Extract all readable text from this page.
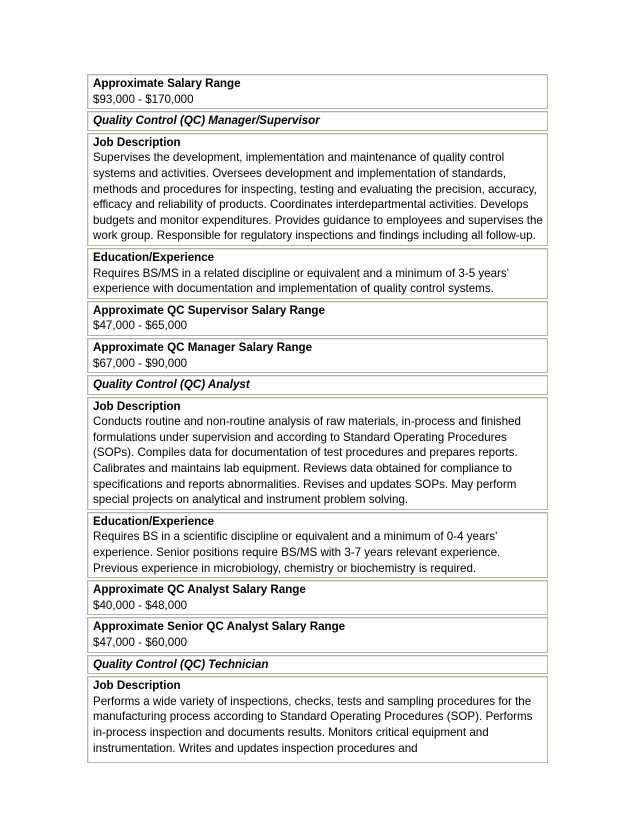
Approximate Salary Range
$93,000 - $170,000
Quality Control (QC) Manager/Supervisor
Job Description
Supervises the development, implementation and maintenance of quality control systems and activities. Oversees development and implementation of standards, methods and procedures for inspecting, testing and evaluating the precision, accuracy, efficacy and reliability of products. Coordinates interdepartmental activities. Develops budgets and monitor expenditures. Provides guidance to employees and supervises the work group. Responsible for regulatory inspections and findings including all follow-up.
Education/Experience
Requires BS/MS in a related discipline or equivalent and a minimum of 3-5 years' experience with documentation and implementation of quality control systems.
Approximate QC Supervisor Salary Range
$47,000 - $65,000
Approximate QC Manager Salary Range
$67,000 - $90,000
Quality Control (QC) Analyst
Job Description
Conducts routine and non-routine analysis of raw materials, in-process and finished formulations under supervision and according to Standard Operating Procedures (SOPs). Compiles data for documentation of test procedures and prepares reports. Calibrates and maintains lab equipment. Reviews data obtained for compliance to specifications and reports abnormalities. Revises and updates SOPs. May perform special projects on analytical and instrument problem solving.
Education/Experience
Requires BS in a scientific discipline or equivalent and a minimum of 0-4 years' experience. Senior positions require BS/MS with 3-7 years relevant experience. Previous experience in microbiology, chemistry or biochemistry is required.
Approximate QC Analyst Salary Range
$40,000 - $48,000
Approximate Senior QC Analyst Salary Range
$47,000 - $60,000
Quality Control (QC) Technician
Job Description
Performs a wide variety of inspections, checks, tests and sampling procedures for the manufacturing process according to Standard Operating Procedures (SOP). Performs in-process inspection and documents results. Monitors critical equipment and instrumentation. Writes and updates inspection procedures and
